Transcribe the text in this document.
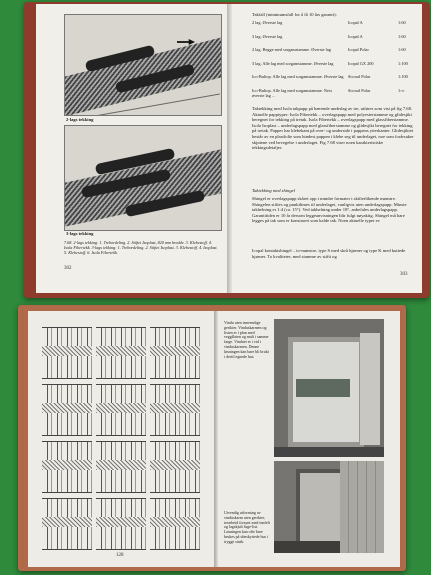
2-lags tekking
3-lags tekking
7.68. 2-lags tekking: 1. Trebordeling. 2. Stiftet Isoplast, 820 mm bredde. 3. Klebestoff. 4. Isola Fibertekk. 3-lags tekking: 1. Trebordeling. 2. Stiftet Isoplast. 3. Klebestoff. 4. Isoplast. 5. Klebestoff. 6. Isola Fibertekk.
302
Takfall (minimumsfall for å få 10 års garanti):
2 lag. Øverste lag	Icopal A	1:60
3 lag. Øverste lag	Icopal A	1:60
2 lag. Begge med sorgamstamme. Øverste lag	Icopal Polar	1:60
3 lag. Alle lag med sorgamstamme. Øverste lag	Icopal GX 200	1:100
Ico-Bultop. Alle lag med sorgamstamme. Øverste lag Sicoral Polar	1:100
Ico-Bultop. Alle lag med sorgamstamme. Nest øverste lag ...
Sicoral Polar	1:∞
Taktekking med Isola takpapp på bærende underlag av tre, utføres som vist på fig 7.68. Aktuelle papptyper: Isola Fibertekk – overlagspapp med polyesterstamme og glidesjikt beregnet for tekking på tretak. Isola Fibertekk – overlagspapp med glassfiberstamme. Isola Isoplast – underlagspapp med glassfiberstamme og glidesjikt beregnet for tekking på tretak. Papper har klebekant på over- og underside i pappens ytterkanter. Glidesjiktet består av en plastfolie som bindest pappen i klebe seg til underlaget, noe som forårsaker skjøtene ved bevegelse i underlaget. Fig 7.68 viser noen karakteristiske tekkingsdetaljer.
Taktekking med shingel
Shingel er overlagspapp skåret opp i mindre formater i skifterlikende mønstre. Shingelen stiftes og punktlimes til underlaget, vanligvis uten underlagspapp. Minste takhelning er 1:4 (ca. 15°). Ved takhelning under 18°, anbefales underlagspapp. Garantitiden er 10 år dersom leggeanvisningen blir fulgt nøyaktig. Shingel må bare legges på tak som er konstruert som kalde tak. Noen aktuelle typer er:
Icopal kontaktshingel – to-mønstre, type S med skrå hjørner og type K med kuttede hjørner. To kvaliteter, med stamme av stiftt og
303
128
Vindu uten innvendige gerikter. Vinduskarmen og listen er i plan med veggflaten og malt i samme farge. Vinduet er i vid i vinduskarmen. Denne løsningen kan bare bli brukt i dertil egnede hus.
Utvendig utforming av vinduskarm uten gerikter, trearbeid forsynt med innfelt og lagskjult fuge-list. Løsningen kan ofte bare brukes på ubeskyttede hus i trygge strøk.
